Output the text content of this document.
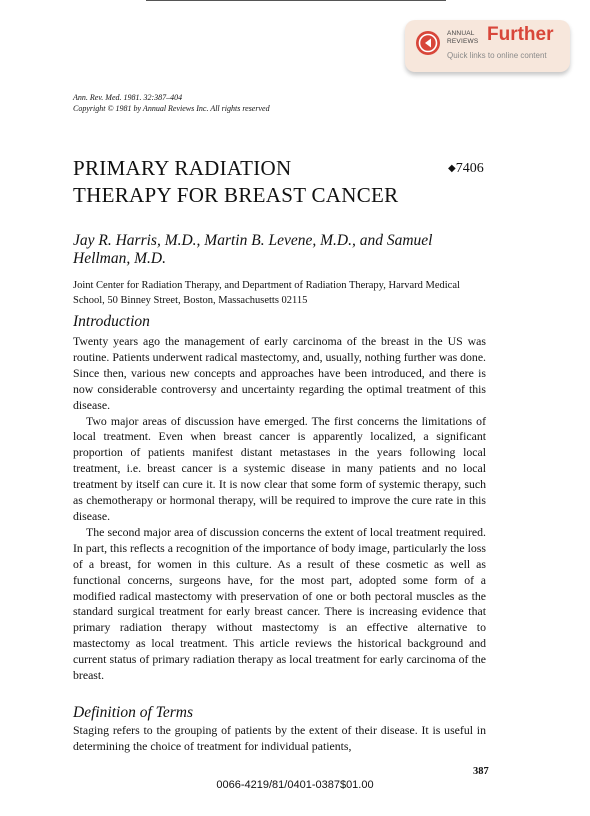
ANNUAL
REVIEWS Further
Quick links to online content
Ann. Rev. Med. 1981. 32:387–404
Copyright © 1981 by Annual Reviews Inc. All rights reserved
PRIMARY RADIATION
THERAPY FOR BREAST CANCER
◆7406
Jay R. Harris, M.D., Martin B. Levene, M.D., and Samuel Hellman, M.D.
Joint Center for Radiation Therapy, and Department of Radiation Therapy, Harvard Medical School, 50 Binney Street, Boston, Massachusetts 02115
Introduction

Twenty years ago the management of early carcinoma of the breast in the US was routine. Patients underwent radical mastectomy, and, usually, nothing further was done. Since then, various new concepts and approaches have been introduced, and there is now considerable controversy and uncertainty regarding the optimal treatment of this disease.

Two major areas of discussion have emerged. The first concerns the limitations of local treatment. Even when breast cancer is apparently localized, a significant proportion of patients manifest distant metastases in the years following local treatment, i.e. breast cancer is a systemic disease in many patients and no local treatment by itself can cure it. It is now clear that some form of systemic therapy, such as chemotherapy or hormonal therapy, will be required to improve the cure rate in this disease.

The second major area of discussion concerns the extent of local treatment required. In part, this reflects a recognition of the importance of body image, particularly the loss of a breast, for women in this culture. As a result of these cosmetic as well as functional concerns, surgeons have, for the most part, adopted some form of a modified radical mastectomy with preservation of one or both pectoral muscles as the standard surgical treatment for early breast cancer. There is increasing evidence that primary radiation therapy without mastectomy is an effective alternative to mastectomy as local treatment. This article reviews the historical background and current status of primary radiation therapy as local treatment for early carcinoma of the breast.

Definition of Terms

Staging refers to the grouping of patients by the extent of their disease. It is useful in determining the choice of treatment for individual patients,

387
0066-4219/81/0401-0387$01.00
